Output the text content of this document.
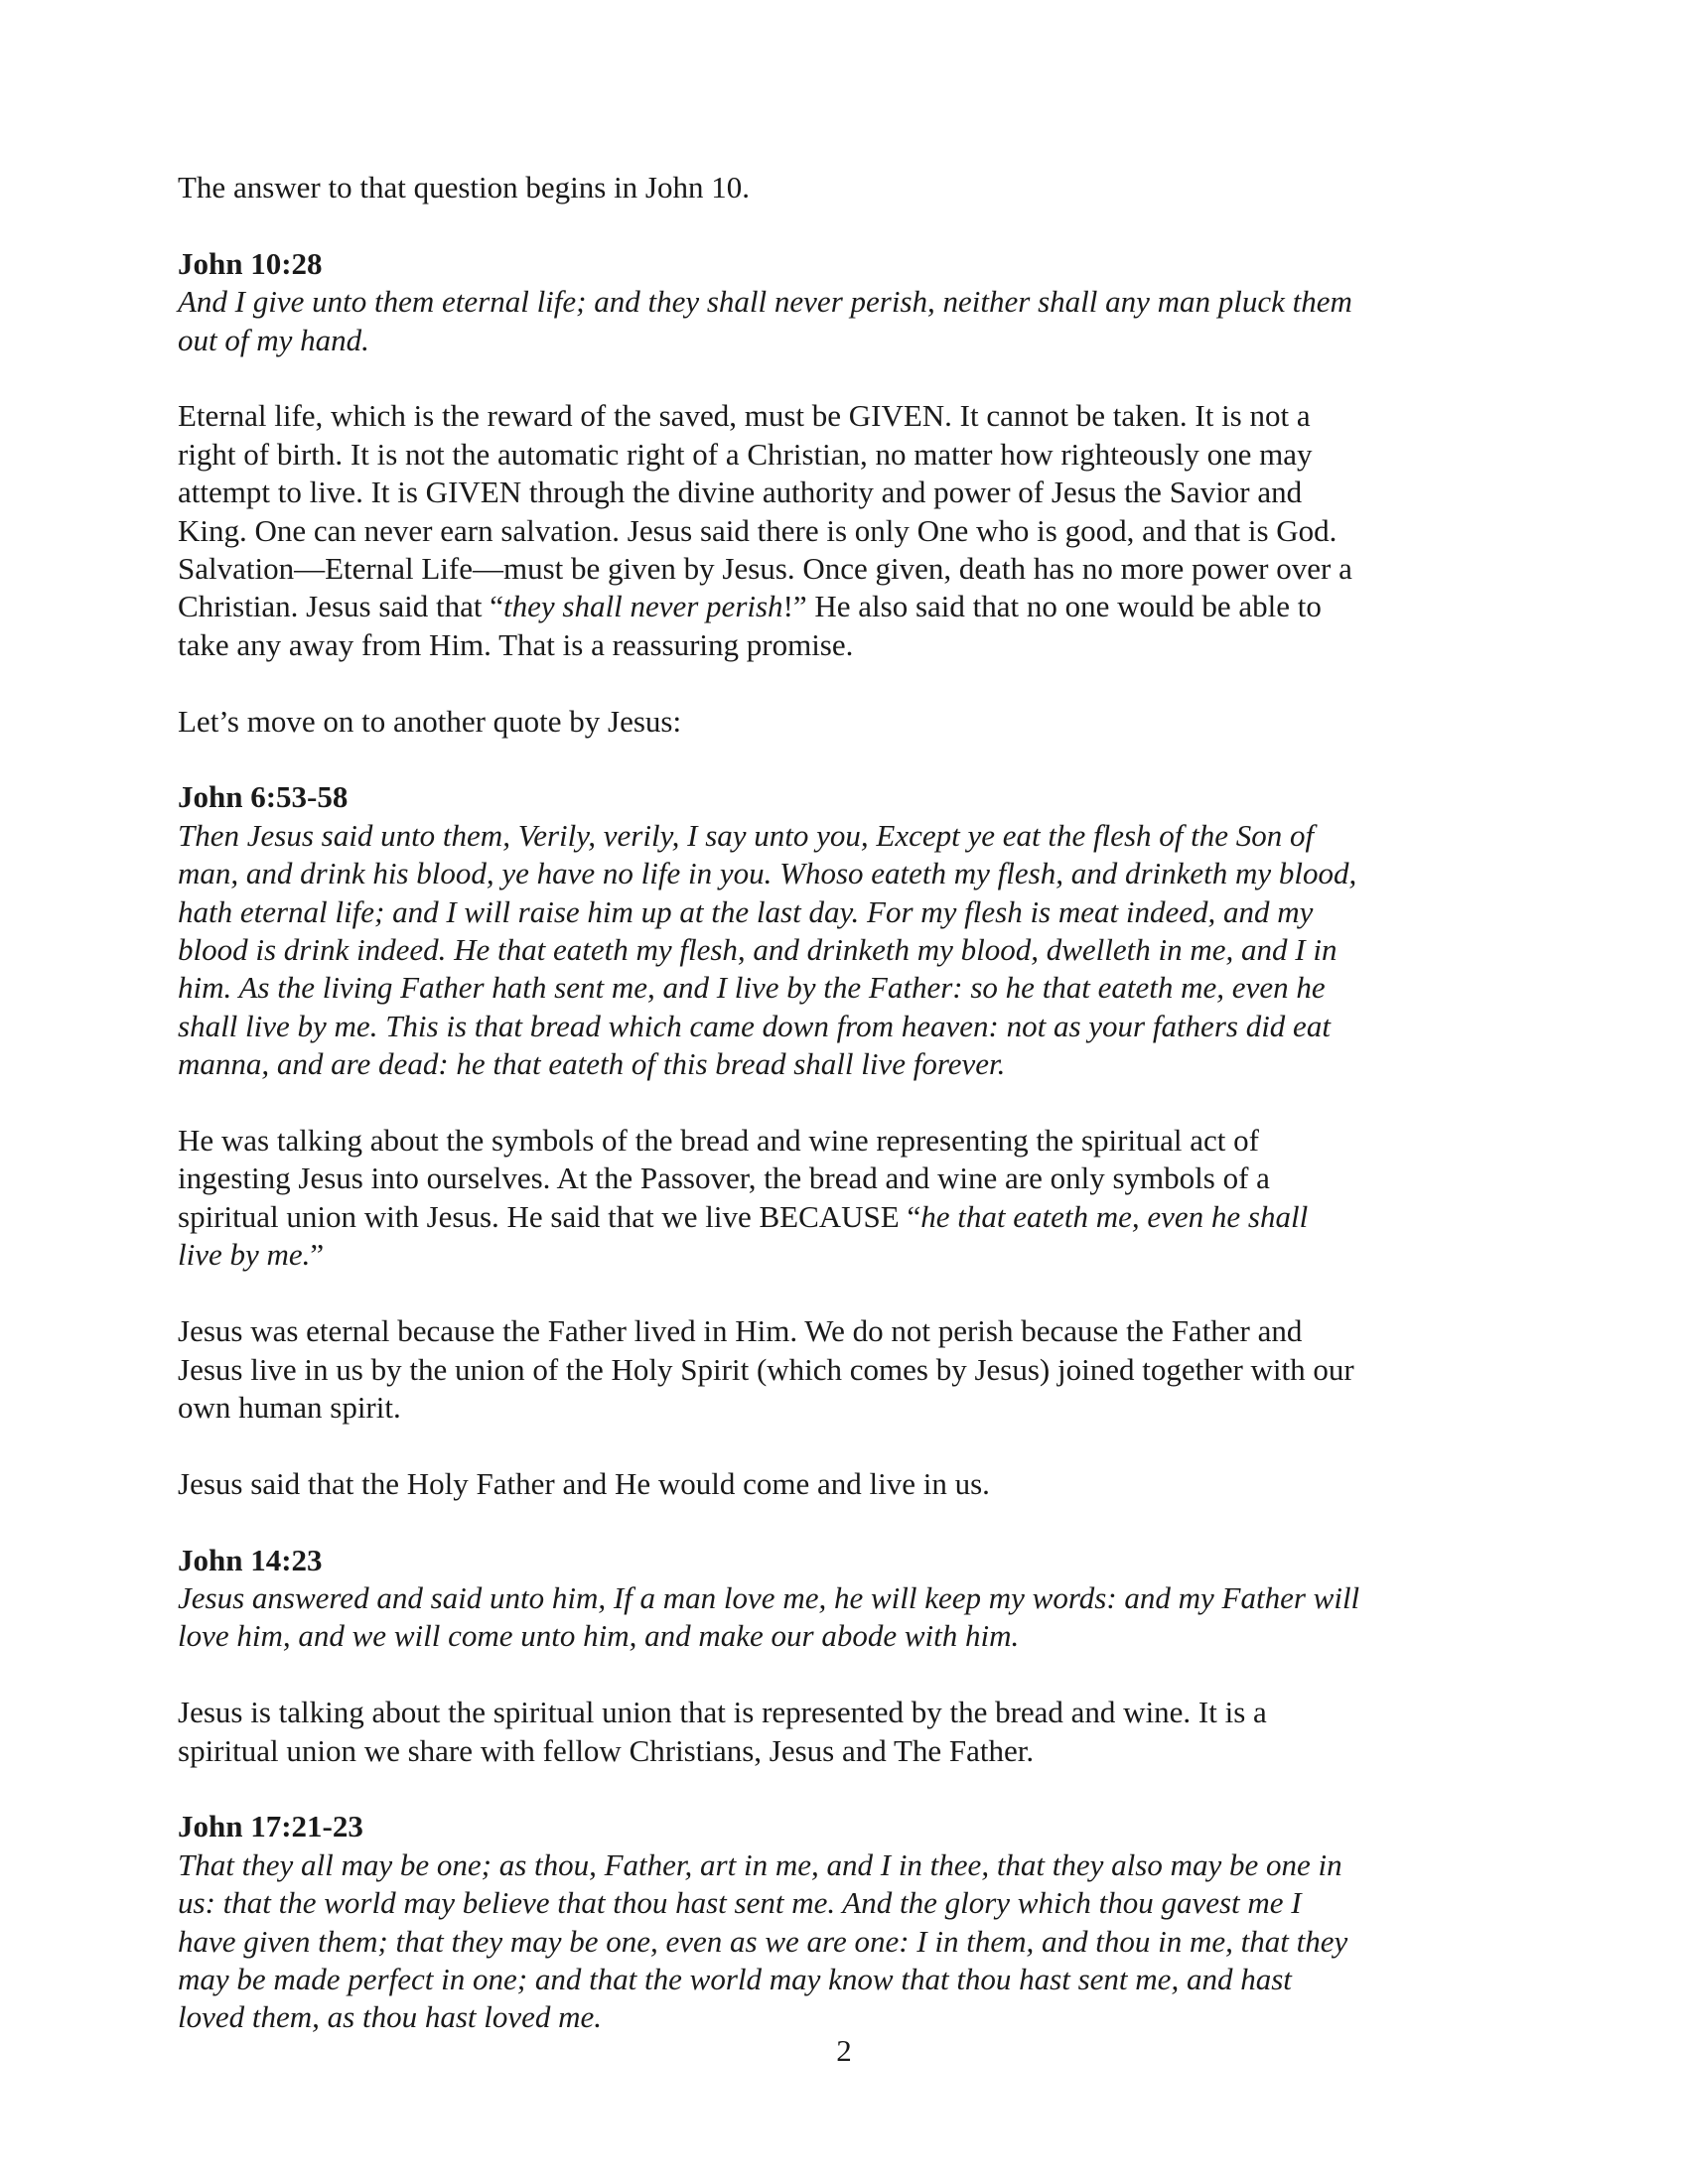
The answer to that question begins in John 10.

John 10:28

And I give unto them eternal life; and they shall never perish, neither shall any man pluck them
out of my hand.

Eternal life, which is the reward of the saved, must be GIVEN. It cannot be taken. It is not a
right of birth. It is not the automatic right of a Christian, no matter how righteously one may
attempt to live. It is GIVEN through the divine authority and power of Jesus the Savior and
King. One can never earn salvation. Jesus said there is only One who is good, and that is God.
Salvation—Eternal Life—must be given by Jesus. Once given, death has no more power over a
Christian. Jesus said that “they shall never perish!” He also said that no one would be able to
take any away from Him. That is a reassuring promise.

Let’s move on to another quote by Jesus:

John 6:53-58

Then Jesus said unto them, Verily, verily, I say unto you, Except ye eat the flesh of the Son of
man, and drink his blood, ye have no life in you. Whoso eateth my flesh, and drinketh my blood,
hath eternal life; and I will raise him up at the last day. For my flesh is meat indeed, and my
blood is drink indeed. He that eateth my flesh, and drinketh my blood, dwelleth in me, and I in
him. As the living Father hath sent me, and I live by the Father: so he that eateth me, even he
shall live by me. This is that bread which came down from heaven: not as your fathers did eat
manna, and are dead: he that eateth of this bread shall live forever.

He was talking about the symbols of the bread and wine representing the spiritual act of
ingesting Jesus into ourselves. At the Passover, the bread and wine are only symbols of a
spiritual union with Jesus. He said that we live BECAUSE “he that eateth me, even he shall
live by me.”

Jesus was eternal because the Father lived in Him. We do not perish because the Father and
Jesus live in us by the union of the Holy Spirit (which comes by Jesus) joined together with our
own human spirit.

Jesus said that the Holy Father and He would come and live in us.

John 14:23

Jesus answered and said unto him, If a man love me, he will keep my words: and my Father will
love him, and we will come unto him, and make our abode with him.

Jesus is talking about the spiritual union that is represented by the bread and wine. It is a
spiritual union we share with fellow Christians, Jesus and The Father.

John 17:21-23

That they all may be one; as thou, Father, art in me, and I in thee, that they also may be one in
us: that the world may believe that thou hast sent me. And the glory which thou gavest me I
have given them; that they may be one, even as we are one: I in them, and thou in me, that they
may be made perfect in one; and that the world may know that thou hast sent me, and hast
loved them, as thou hast loved me.

2
